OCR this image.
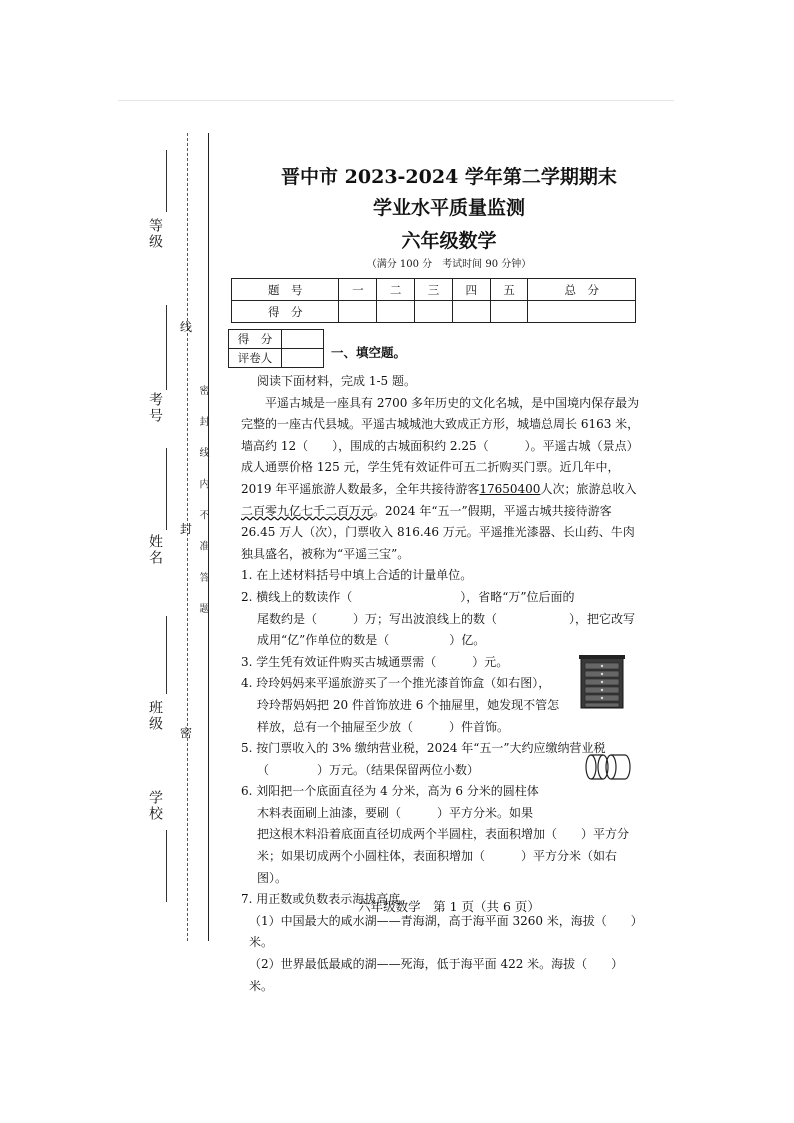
等级
考号
姓名
班级
学校
线
封
密
密 封 线 内 不 准 答 题
晋中市 2023-2024 学年第二学期期末
学业水平质量监测
六年级数学
（满分 100 分　考试时间 90 分钟）
题　号	一	二	三	四	五	总　分
得　分						
得　分	
评卷人		一、填空题。

阅读下面材料，完成 1-5 题。

平遥古城是一座具有 2700 多年历史的文化名城，是中国境内保存最为完整的一座古代县城。平遥古城城池大致成正方形，城墙总周长 6163 米，墙高约 12（　　），围成的古城面积约 2.25（　　　）。平遥古城（景点）成人通票价格 125 元，学生凭有效证件可五二折购买门票。近几年中，2019 年平遥旅游人数最多，全年共接待游客17650400人次；旅游总收入二百零九亿七千二百万元。2024 年“五一”假期，平遥古城共接待游客 26.45 万人（次），门票收入 816.46 万元。平遥推光漆器、长山药、牛肉独具盛名，被称为“平遥三宝”。

1. 在上述材料括号中填上合适的计量单位。

2. 横线上的数读作（　　　　　　　　　），省略“万”位后面的

尾数约是（　　　）万；写出波浪线上的数（　　　　　　），把它改写

成用“亿”作单位的数是（　　　　　）亿。

3. 学生凭有效证件购买古城通票需（　　　）元。

4. 玲玲妈妈来平遥旅游买了一个推光漆首饰盒（如右图），

玲玲帮妈妈把 20 件首饰放进 6 个抽屉里，她发现不管怎

样放，总有一个抽屉至少放（　　　）件首饰。

5. 按门票收入的 3% 缴纳营业税，2024 年“五一”大约应缴纳营业税

（　　　　）万元。（结果保留两位小数）

6. 刘阳把一个底面直径为 4 分米，高为 6 分米的圆柱体

木料表面刷上油漆，要刷（　　　）平方分米。如果

把这根木料沿着底面直径切成两个半圆柱，表面积增加（　　）平方分

米；如果切成两个小圆柱体，表面积增加（　　　）平方分米（如右图）。

7. 用正数或负数表示海拔高度。

（1）中国最大的咸水湖——青海湖，高于海平面 3260 米，海拔（　　）米。

（2）世界最低最咸的湖——死海，低于海平面 422 米。海拔（　　）米。

六年级数学　第 1 页（共 6 页）
